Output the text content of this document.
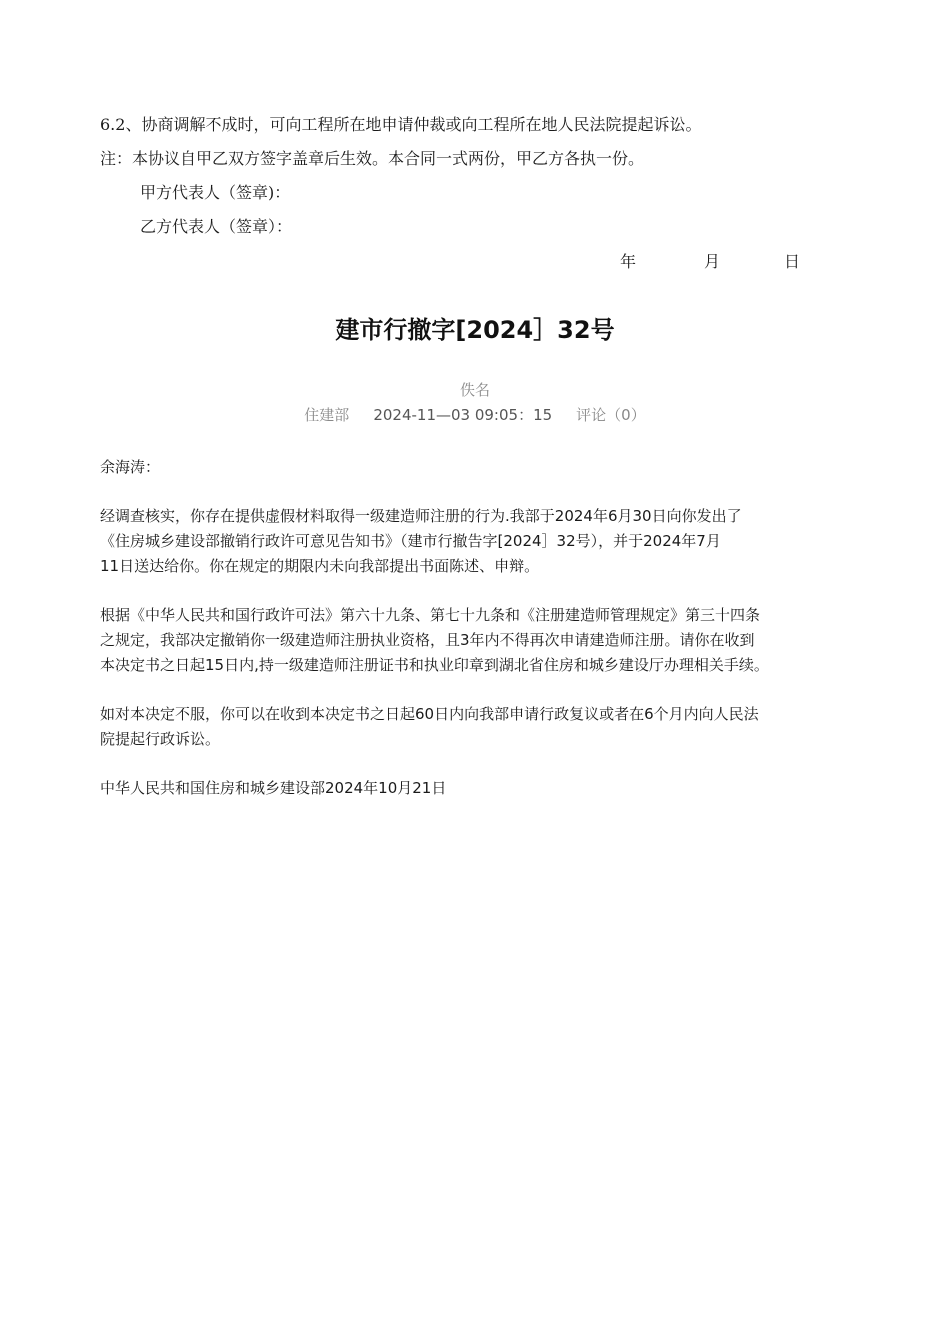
6.2、协商调解不成时，可向工程所在地申请仲裁或向工程所在地人民法院提起诉讼。
注：本协议自甲乙双方签字盖章后生效。本合同一式两份，甲乙方各执一份。
甲方代表人（签章)：
乙方代表人（签章）：
年	月	日
建市行撤字[2024］32号
佚名
住建部 2024-11—03 09:05：15 评论（0）

余海涛：

经调查核实，你存在提供虚假材料取得一级建造师注册的行为.我部于2024年6月30日向你发出了
《住房城乡建设部撤销行政许可意见告知书》（建市行撤告字[2024］32号），并于2024年7月
11日送达给你。你在规定的期限内未向我部提出书面陈述、申辩。

根据《中华人民共和国行政许可法》第六十九条、第七十九条和《注册建造师管理规定》第三十四条
之规定，我部决定撤销你一级建造师注册执业资格，且3年内不得再次申请建造师注册。请你在收到
本决定书之日起15日内,持一级建造师注册证书和执业印章到湖北省住房和城乡建设厅办理相关手续。

如对本决定不服，你可以在收到本决定书之日起60日内向我部申请行政复议或者在6个月内向人民法
院提起行政诉讼。

中华人民共和国住房和城乡建设部2024年10月21日
